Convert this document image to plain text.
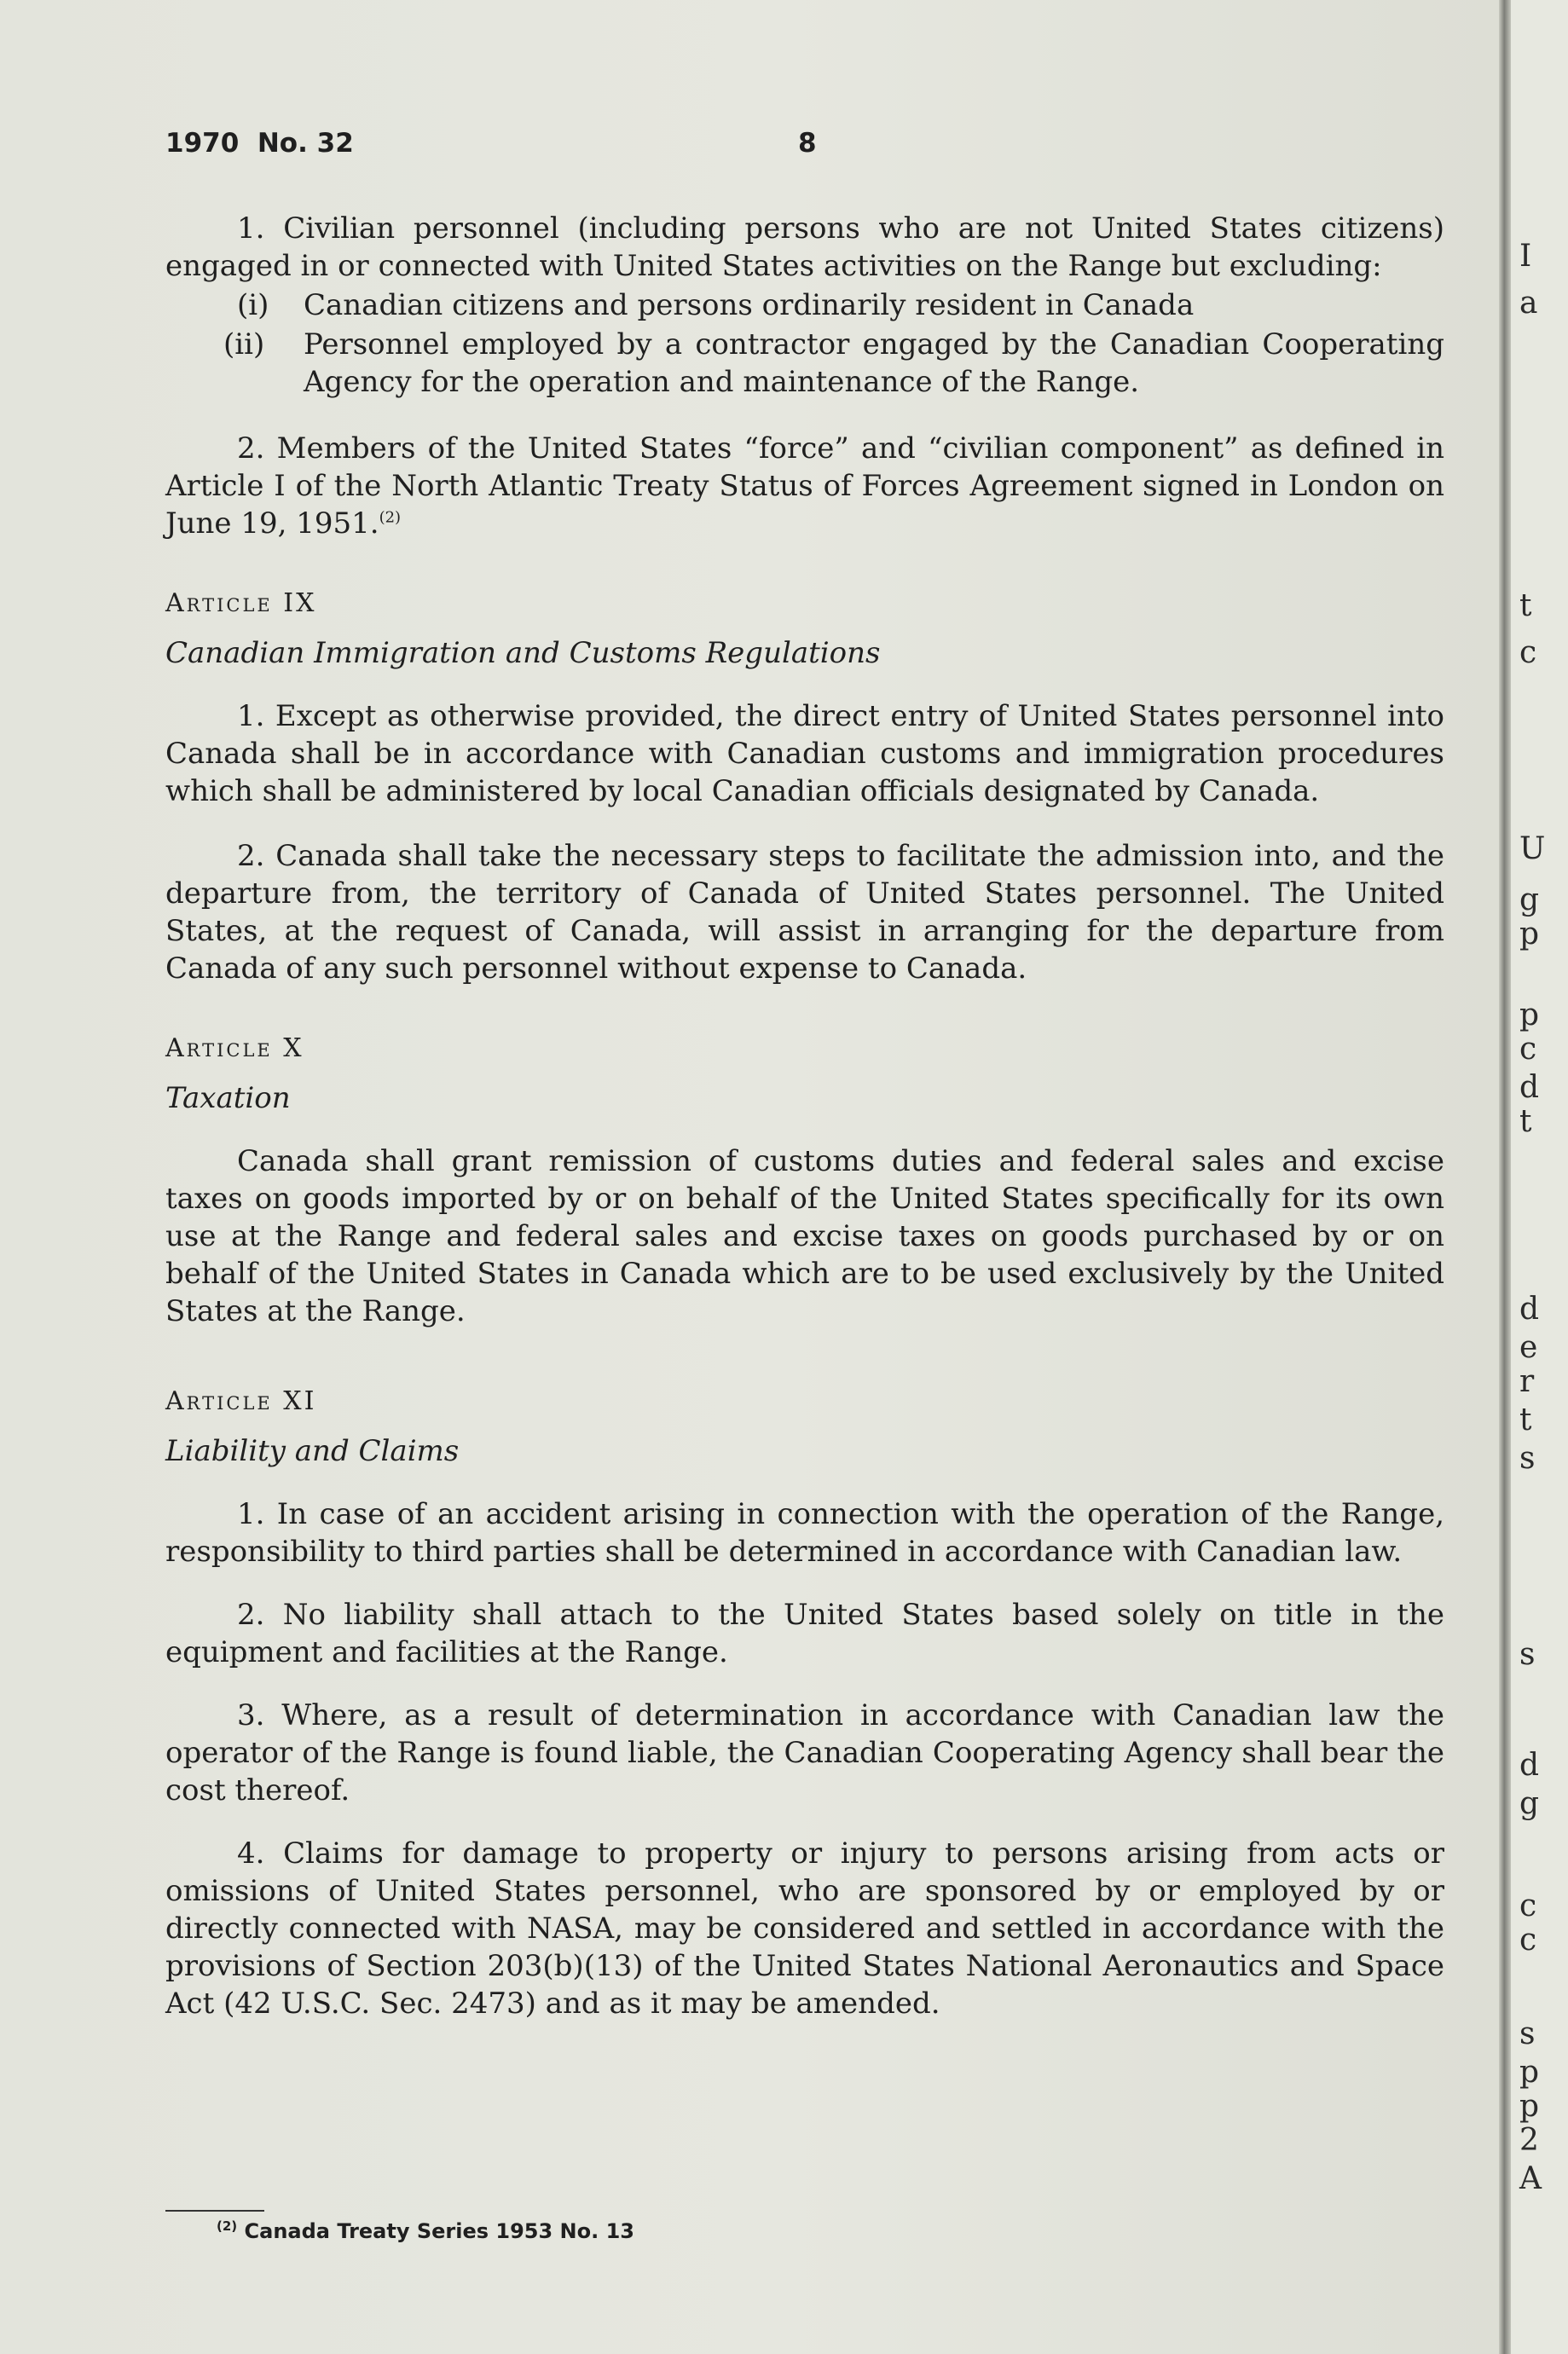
1970  No. 32	8

1. Civilian personnel (including persons who are not United States citizens) engaged in or connected with United States activities on the Range but excluding:

(i) Canadian citizens and persons ordinarily resident in Canada

(ii) Personnel employed by a contractor engaged by the Canadian Cooperating Agency for the operation and maintenance of the Range.

2. Members of the United States “force” and “civilian component” as defined in Article I of the North Atlantic Treaty Status of Forces Agreement signed in London on June 19, 1951.$^{(2)}$

Article IX

Canadian Immigration and Customs Regulations

1. Except as otherwise provided, the direct entry of United States personnel into Canada shall be in accordance with Canadian customs and immigration procedures which shall be administered by local Canadian officials designated by Canada.

2. Canada shall take the necessary steps to facilitate the admission into, and the departure from, the territory of Canada of United States personnel. The United States, at the request of Canada, will assist in arranging for the departure from Canada of any such personnel without expense to Canada.

Article X

Taxation

Canada shall grant remission of customs duties and federal sales and excise taxes on goods imported by or on behalf of the United States specifically for its own use at the Range and federal sales and excise taxes on goods purchased by or on behalf of the United States in Canada which are to be used exclusively by the United States at the Range.

Article XI

Liability and Claims

1. In case of an accident arising in connection with the operation of the Range, responsibility to third parties shall be determined in accordance with Canadian law.

2. No liability shall attach to the United States based solely on title in the equipment and facilities at the Range.

3. Where, as a result of determination in accordance with Canadian law the operator of the Range is found liable, the Canadian Cooperating Agency shall bear the cost thereof.

4. Claims for damage to property or injury to persons arising from acts or omissions of United States personnel, who are sponsored by or employed by or directly connected with NASA, may be considered and settled in accordance with the provisions of Section 203(b)(13) of the United States National Aeronautics and Space Act (42 U.S.C. Sec. 2473) and as it may be amended.

$^{(2)}$ Canada Treaty Series 1953 No. 13
I
a
t
c
U
g
p
p
c
d
t
d
e
r
t
s
s
d
g
c
c
s
p
p
2
A
